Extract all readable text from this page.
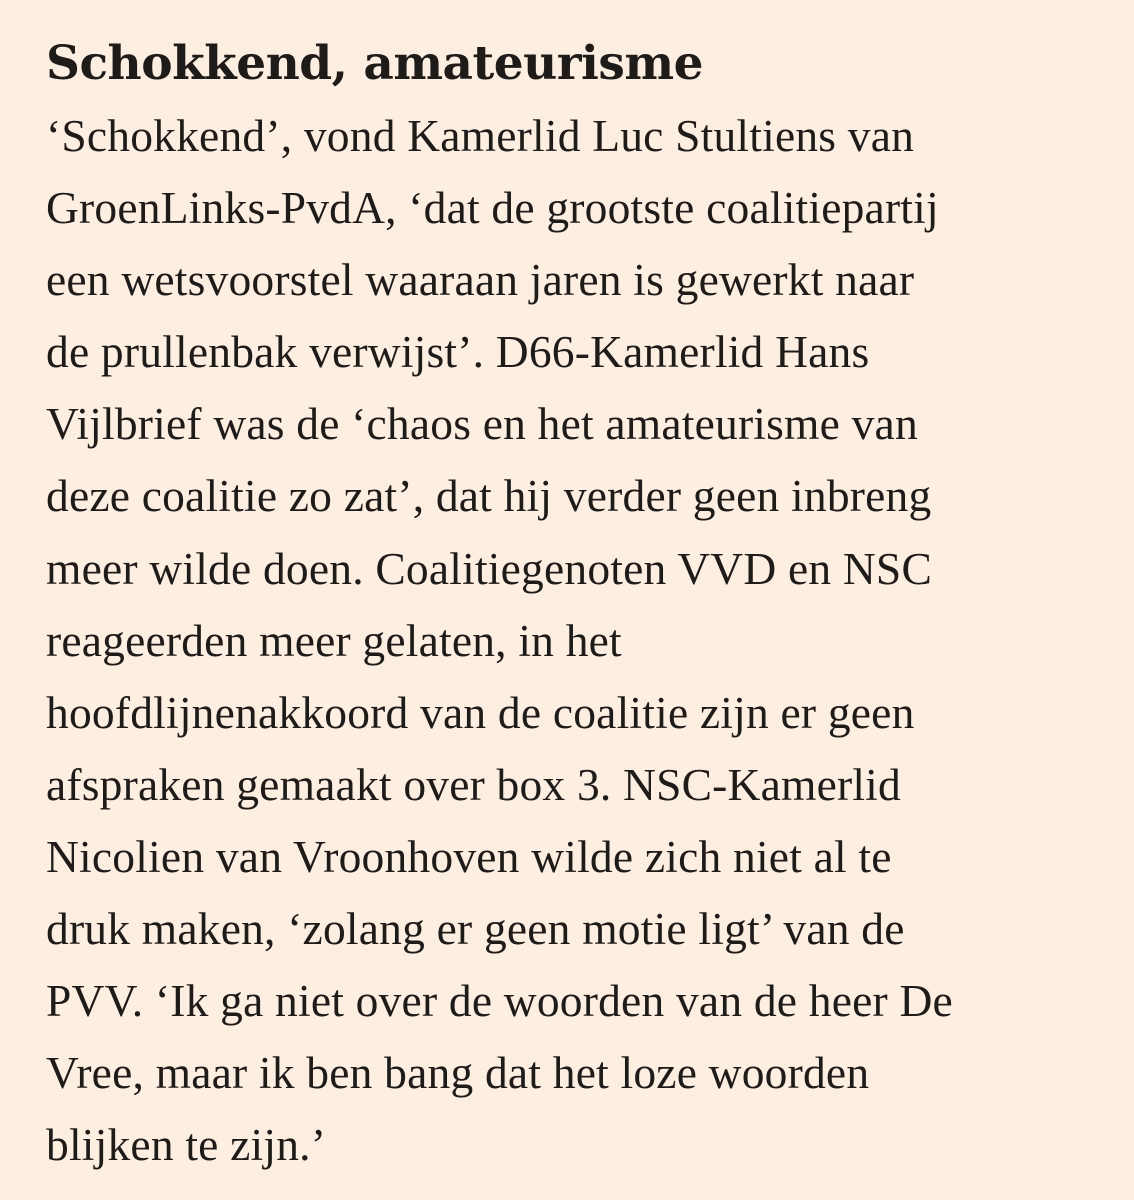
Schokkend, amateurisme
‘Schokkend’, vond Kamerlid Luc Stultiens van
GroenLinks-PvdA, ‘dat de grootste coalitiepartij
een wetsvoorstel waaraan jaren is gewerkt naar
de prullenbak verwijst’. D66-Kamerlid Hans
Vijlbrief was de ‘chaos en het amateurisme van
deze coalitie zo zat’, dat hij verder geen inbreng
meer wilde doen. Coalitiegenoten VVD en NSC
reageerden meer gelaten, in het
hoofdlijnenakkoord van de coalitie zijn er geen
afspraken gemaakt over box 3. NSC-Kamerlid
Nicolien van Vroonhoven wilde zich niet al te
druk maken, ‘zolang er geen motie ligt’ van de
PVV. ‘Ik ga niet over de woorden van de heer De
Vree, maar ik ben bang dat het loze woorden
blijken te zijn.’
